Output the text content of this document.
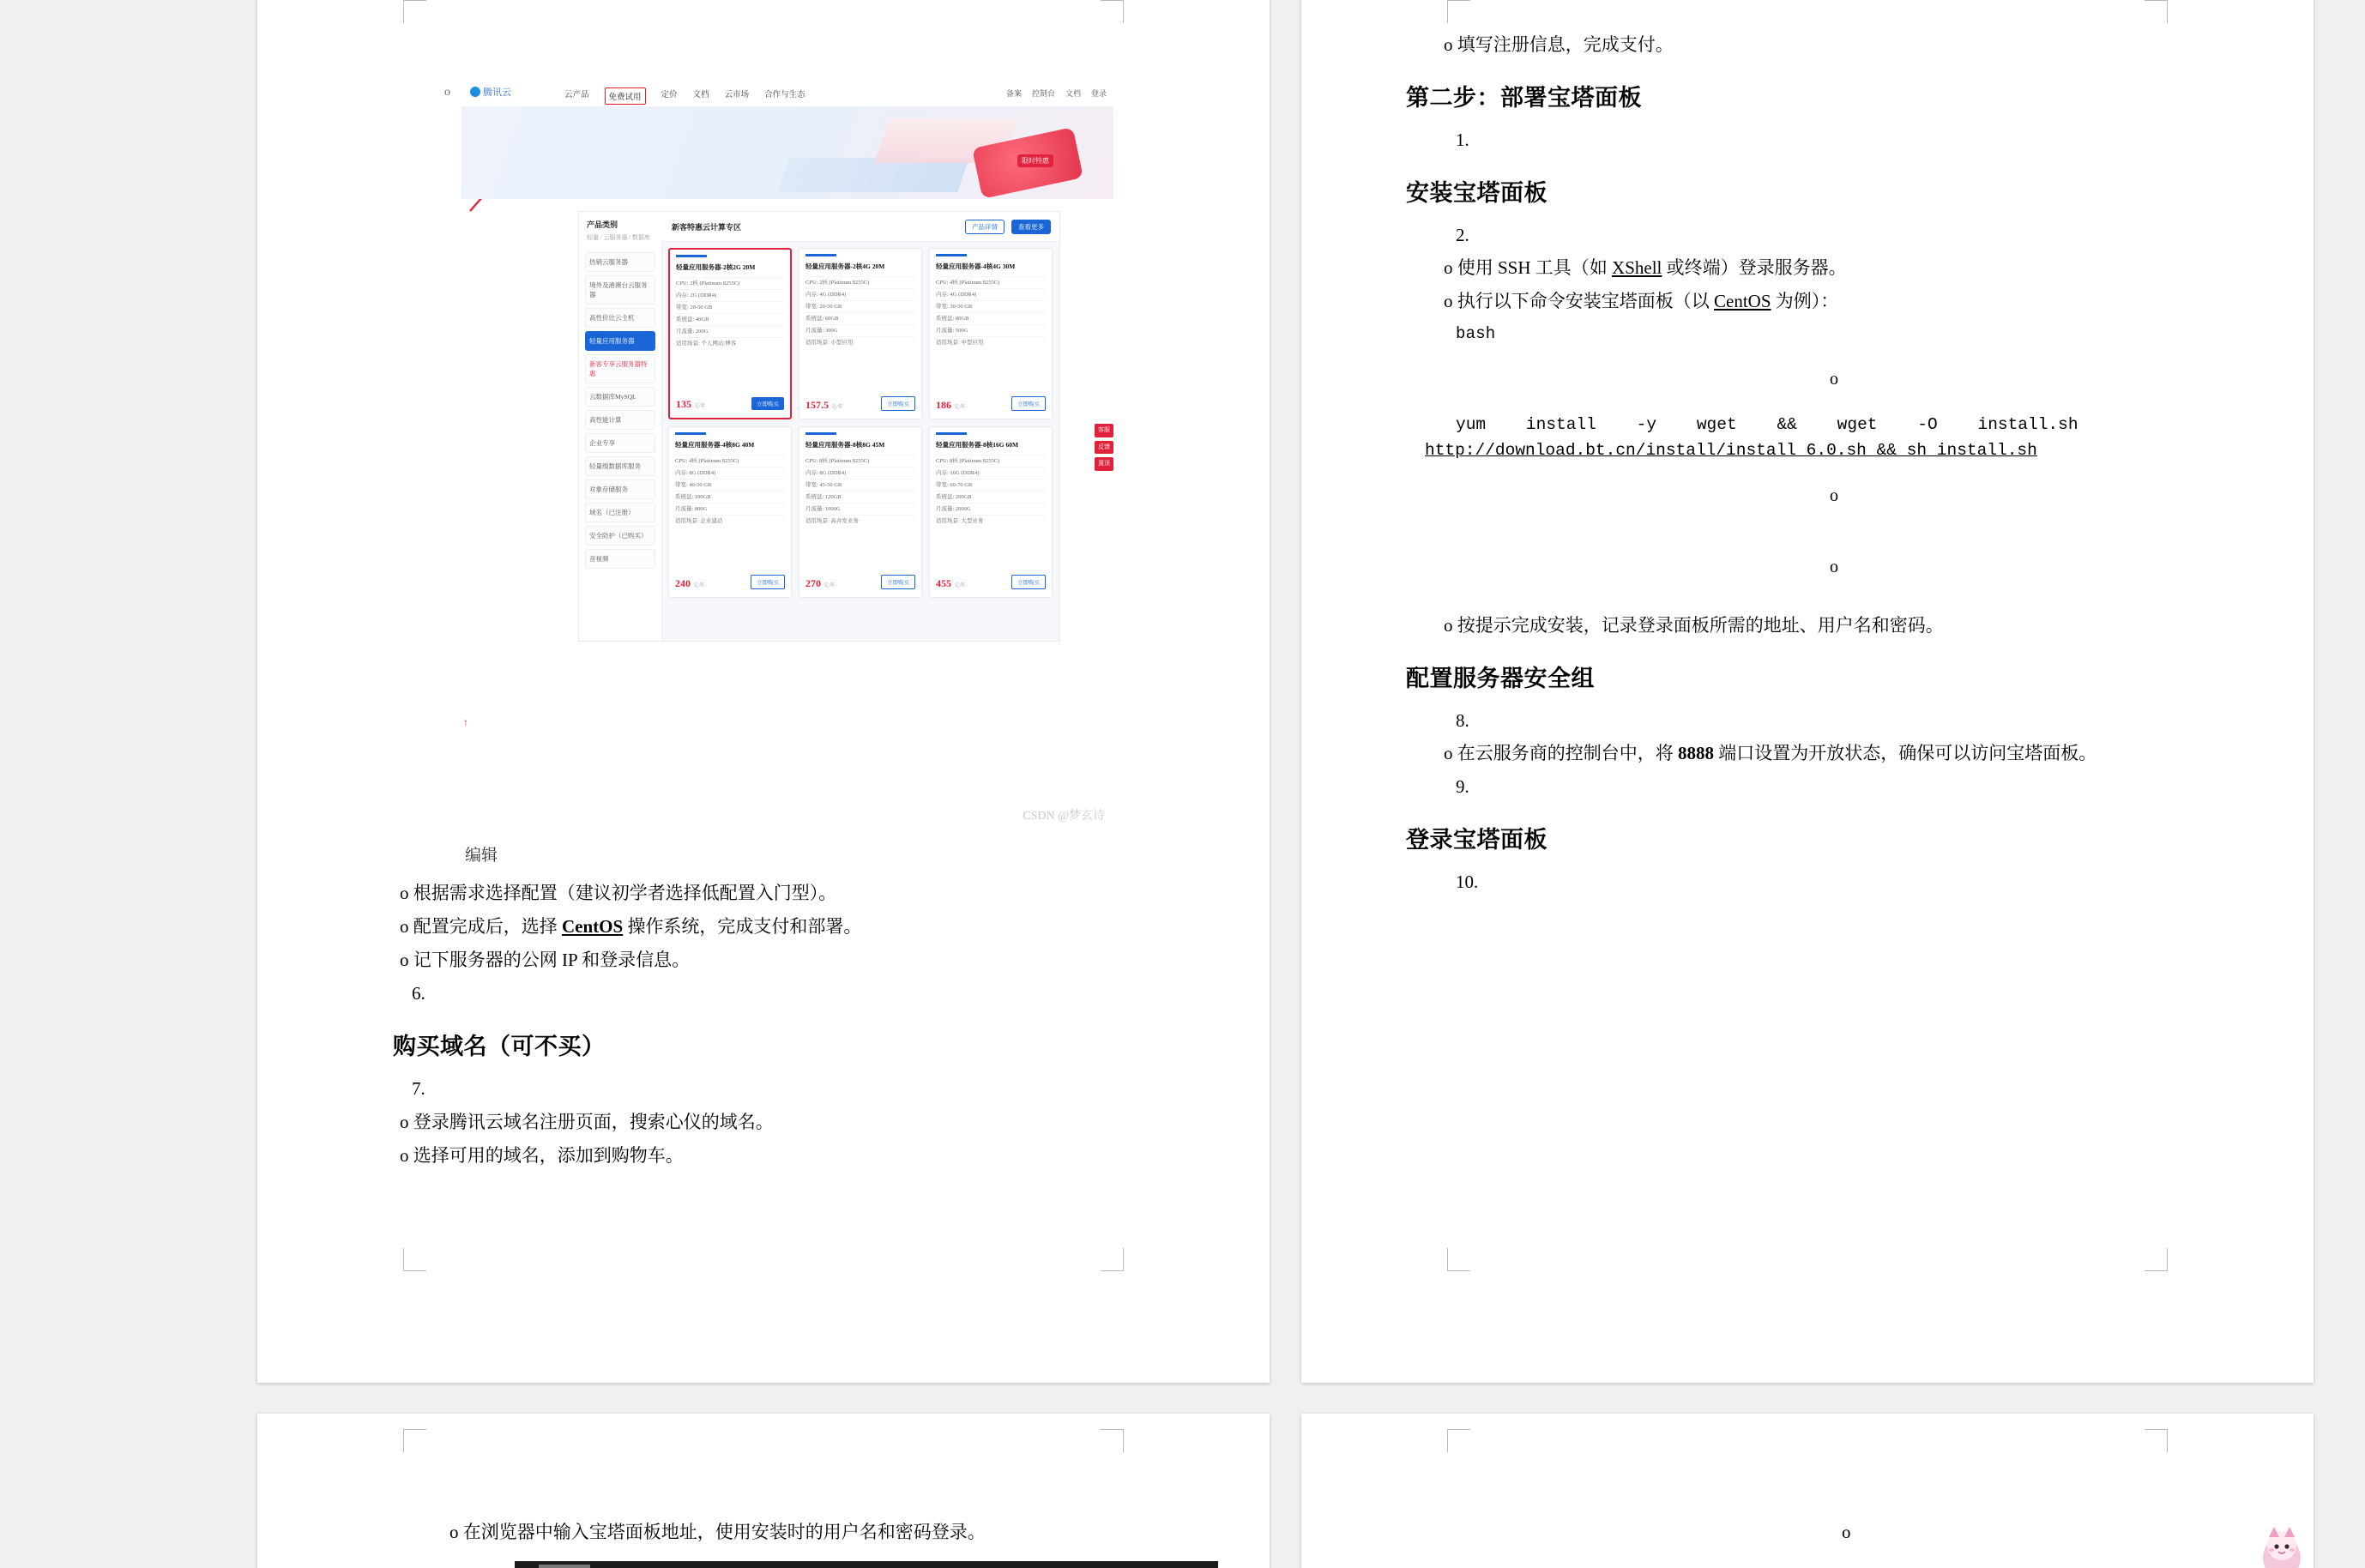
o	腾讯云	云产品	免费试用	定价 文档 云市场 合作与生态	备案 控制台 文档 登录
限时特惠
产品类别
轻量 / 云服务器 / 数据库
热销云服务器
境外及港澳台云服务器
高性价比云主机
轻量应用服务器
新客专享云服务器特惠
云数据库MySQL
高性能计算
企业专享
轻量级数据库服务
对象存储服务
域名（已注册）
安全防护（已购买）
音视频
新客特惠云计算专区	产品详情	查看更多
轻量应用服务器-2核2G 20M
CPU: 2核 (Platinum 8255C)
内存: 2G (DDR4)
带宽: 20-50 GB
系统盘: 40GB
月流量: 200G
适用场景: 个人网站/博客
135 元/年	立即购买
轻量应用服务器-2核4G 20M
CPU: 2核 (Platinum 8255C)
内存: 4G (DDR4)
带宽: 20-50 GB
系统盘: 60GB
月流量: 300G
适用场景: 小型应用
157.5 元/年	立即购买
轻量应用服务器-4核4G 30M
CPU: 4核 (Platinum 8255C)
内存: 4G (DDR4)
带宽: 30-50 GB
系统盘: 80GB
月流量: 500G
适用场景: 中型应用
186 元/年	立即购买
轻量应用服务器-4核8G 40M
CPU: 4核 (Platinum 8255C)
内存: 8G (DDR4)
带宽: 40-50 GB
系统盘: 100GB
月流量: 800G
适用场景: 企业建站
240 元/年	立即购买
轻量应用服务器-8核8G 45M
CPU: 8核 (Platinum 8255C)
内存: 8G (DDR4)
带宽: 45-50 GB
系统盘: 120GB
月流量: 1000G
适用场景: 高并发业务
270 元/年	立即购买
轻量应用服务器-8核16G 60M
CPU: 8核 (Platinum 8255C)
内存: 16G (DDR4)
带宽: 60-70 GB
系统盘: 200GB
月流量: 2000G
适用场景: 大型业务
455 元/年	立即购买
客服
反馈
置顶
CSDN @梦玄诗
↑
编辑

o 根据需求选择配置（建议初学者选择低配置入门型）。

o 配置完成后，选择 CentOS 操作系统，完成支付和部署。

o 记下服务器的公网 IP 和登录信息。

6.

购买域名（可不买）

7.

o 登录腾讯云域名注册页面，搜索心仪的域名。

o 选择可用的域名，添加到购物车。

o 填写注册信息，完成支付。

第二步：部署宝塔面板

1.

安装宝塔面板

2.

o 使用 SSH 工具（如 XShell 或终端）登录服务器。

o 执行以下命令安装宝塔面板（以 CentOS 为例）：

bash

o
yum    install    -y    wget    &&    wget    -O    install.sh
http://download.bt.cn/install/install_6.0.sh && sh install.sh
o
o

o 按提示完成安装，记录登录面板所需的地址、用户名和密码。

配置服务器安全组

8.

o 在云服务商的控制台中，将 8888 端口设置为开放状态，确保可以访问宝塔面板。

9.

登录宝塔面板

10.

o 在浏览器中输入宝塔面板地址，使用安装时的用户名和密码登录。	o
